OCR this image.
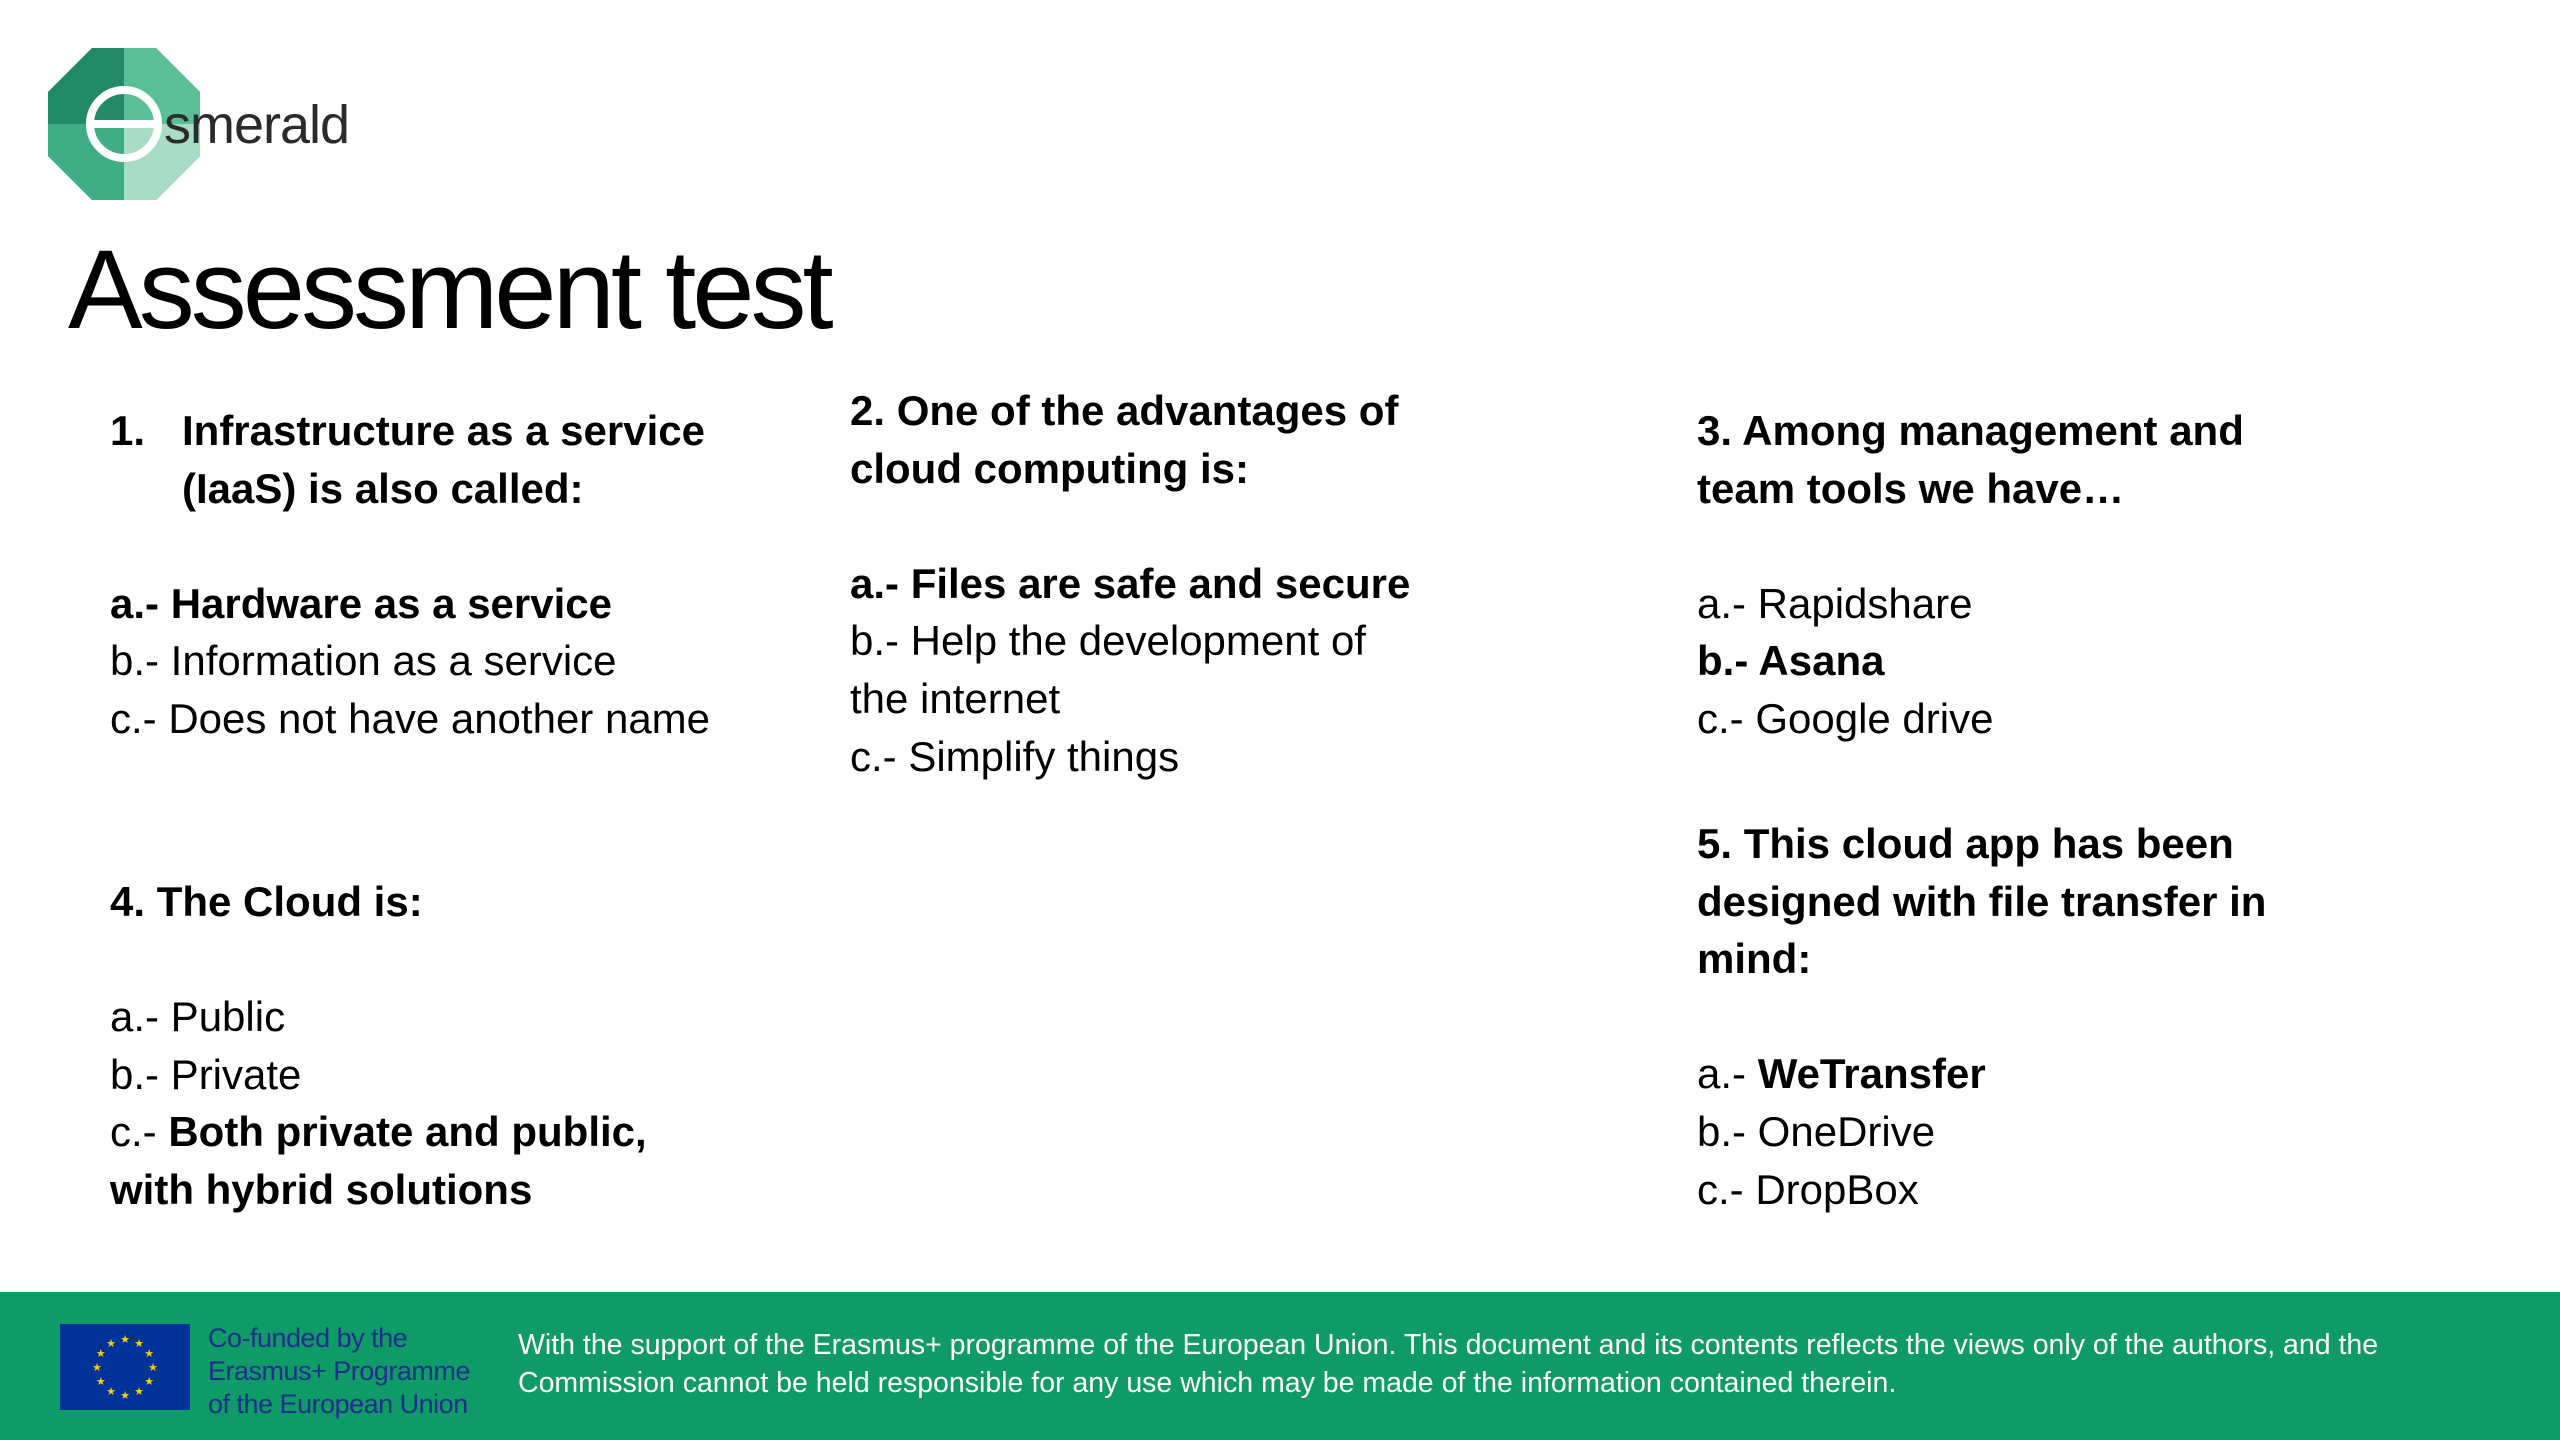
smerald
Assessment test
1. Infrastructure as a service (IaaS) is also called:
a.- Hardware as a service
b.- Information as a service
c.- Does not have another name
2. One of the advantages of cloud computing is:
a.- Files are safe and secure
b.- Help the development of the internet
c.- Simplify things
3. Among management and team tools we have…
a.- Rapidshare
b.- Asana
c.- Google drive
4. The Cloud is:
a.- Public
b.- Private
c.- Both private and public, with hybrid solutions
5. This cloud app has been designed with file transfer in mind:
a.- WeTransfer
b.- OneDrive
c.- DropBox
★ ★
★
★
★
★
★
★
★
★
★
★	Co-funded by the
Erasmus+ Programme
of the European Union
With the support of the Erasmus+ programme of the European Union. This document and its contents reflects the views only of the authors, and the
Commission cannot be held responsible for any use which may be made of the information contained therein.
